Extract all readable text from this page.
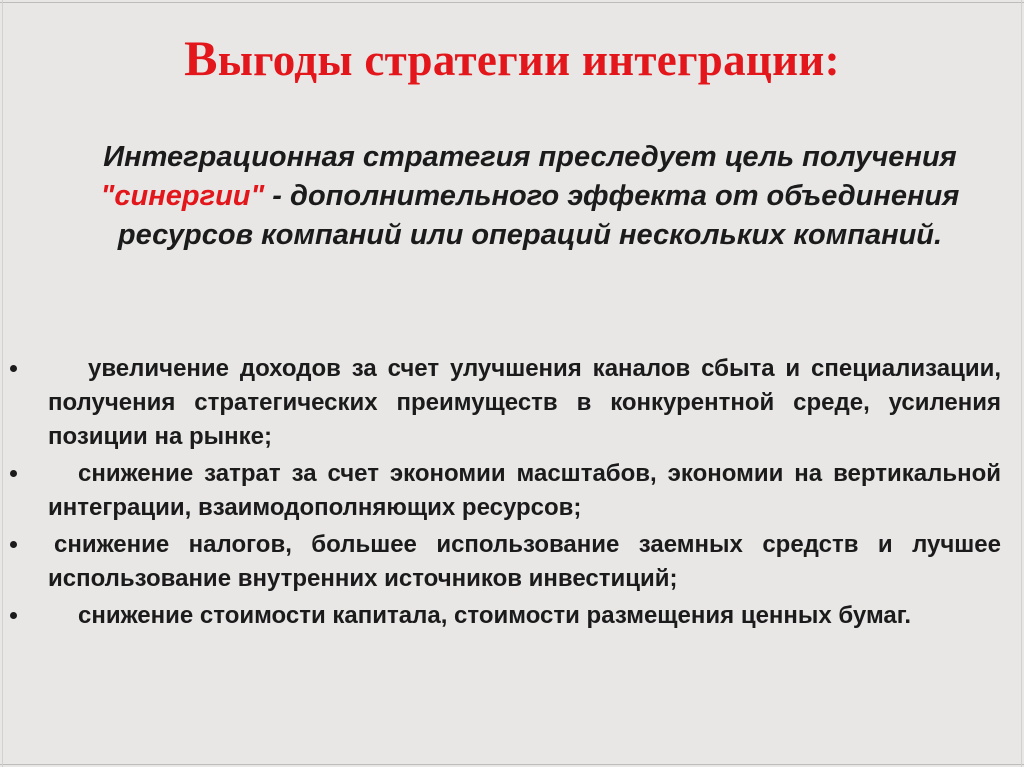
Выгоды стратегии интеграции:
Интеграционная стратегия преследует цель получения "синергии" - дополнительного эффекта от объединения ресурсов компаний или операций нескольких компаний.
увеличение доходов за счет улучшения каналов сбыта и специализации, получения стратегических преимуществ в конкурентной среде, усиления позиции на рынке;
снижение затрат за счет экономии масштабов, экономии на вертикальной интеграции, взаимодополняющих ресурсов;
снижение налогов, большее использование заемных средств и лучшее использование внутренних источников инвестиций;
снижение стоимости капитала, стоимости размещения ценных бумаг.
